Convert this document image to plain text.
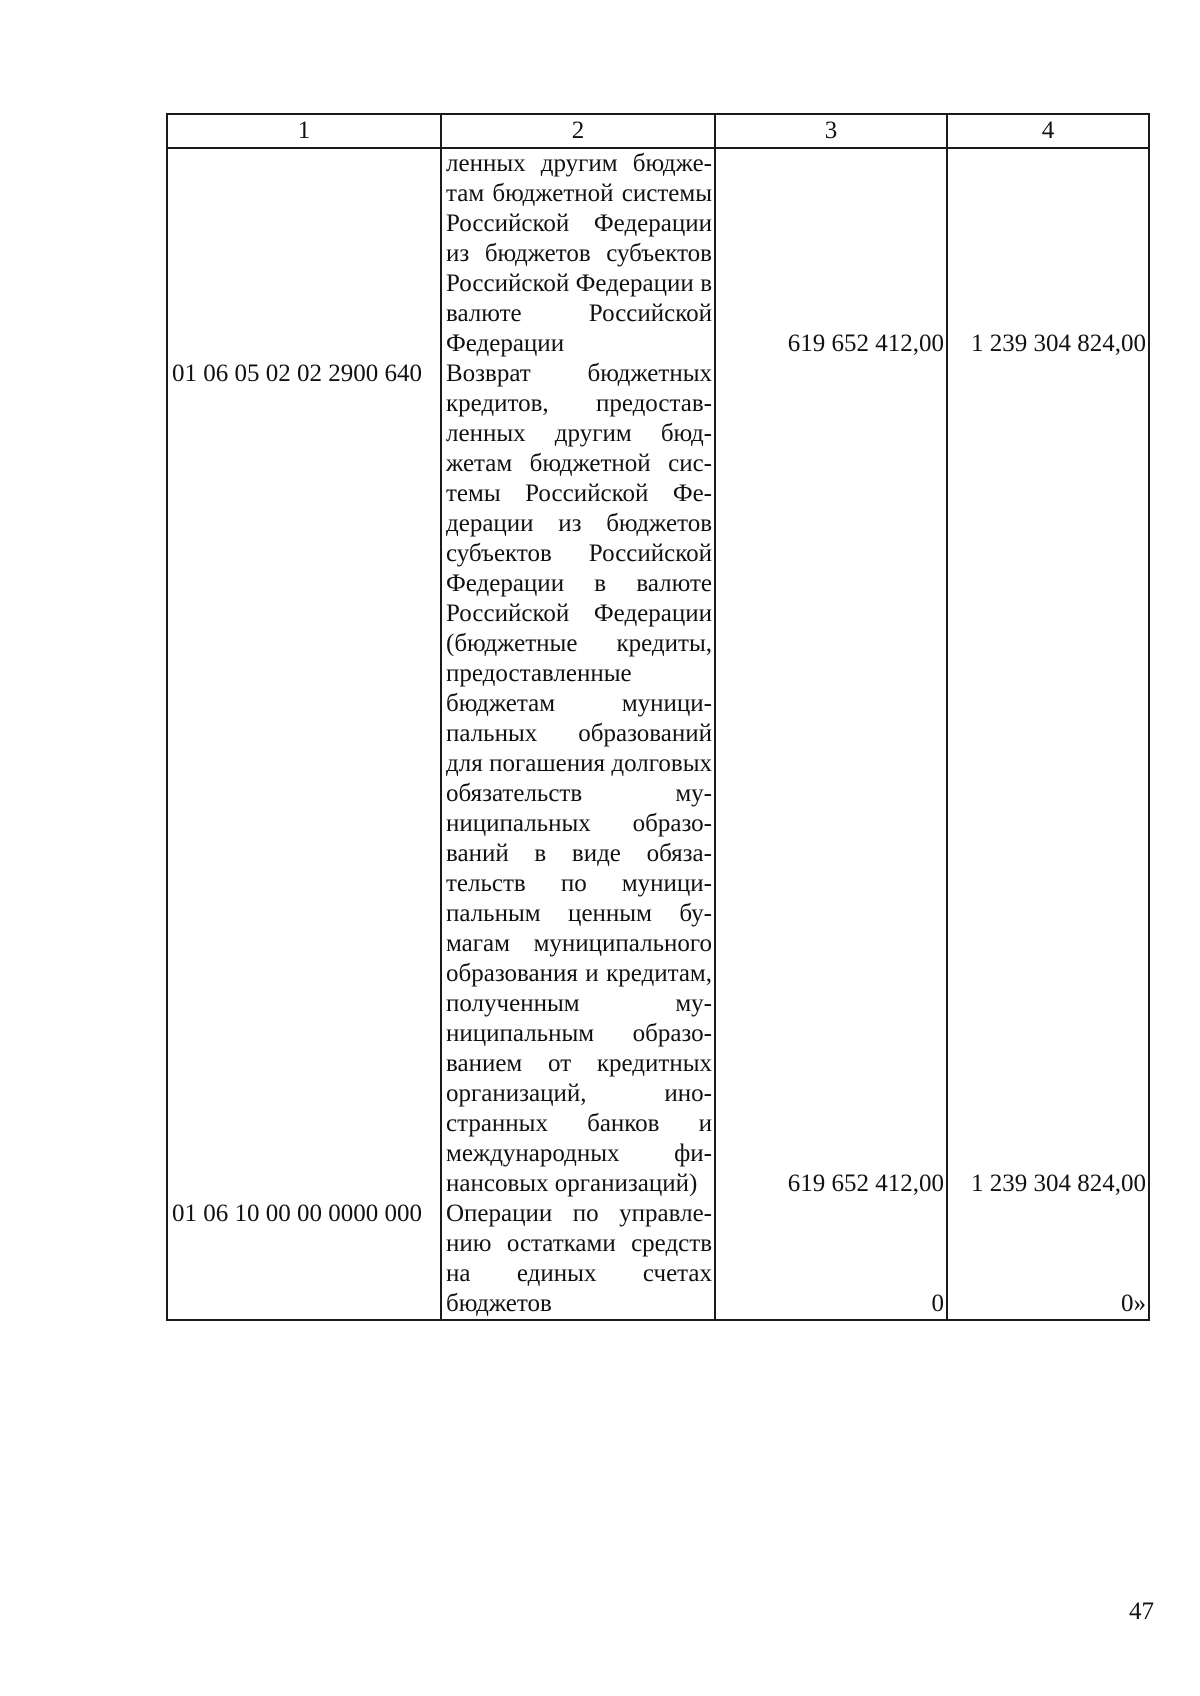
1	2	3	4
	ленных другим бюджетам бюджетной системы Российской Федерации из бюджетов субъектов Российской Федерации в валюте Российской Федерации	619 652 412,00	1 239 304 824,00
01 06 05 02 02 2900 640	Возврат бюджетных кредитов, предоставленных другим бюджетам бюджетной системы Российской Федерации из бюджетов субъектов Российской Федерации в валюте Российской Федерации (бюджетные кредиты, предоставленные бюджетам муниципальных образований для погашения долговых обязательств муниципальных образований в виде обязательств по муниципальным ценным бумагам муниципального образования и кредитам, полученным муниципальным образованием от кредитных организаций, иностранных банков и международных финансовых организаций)	619 652 412,00	1 239 304 824,00
01 06 10 00 00 0000 000	Операции по управлению остатками средств на единых счетах бюджетов	0	0»
47
